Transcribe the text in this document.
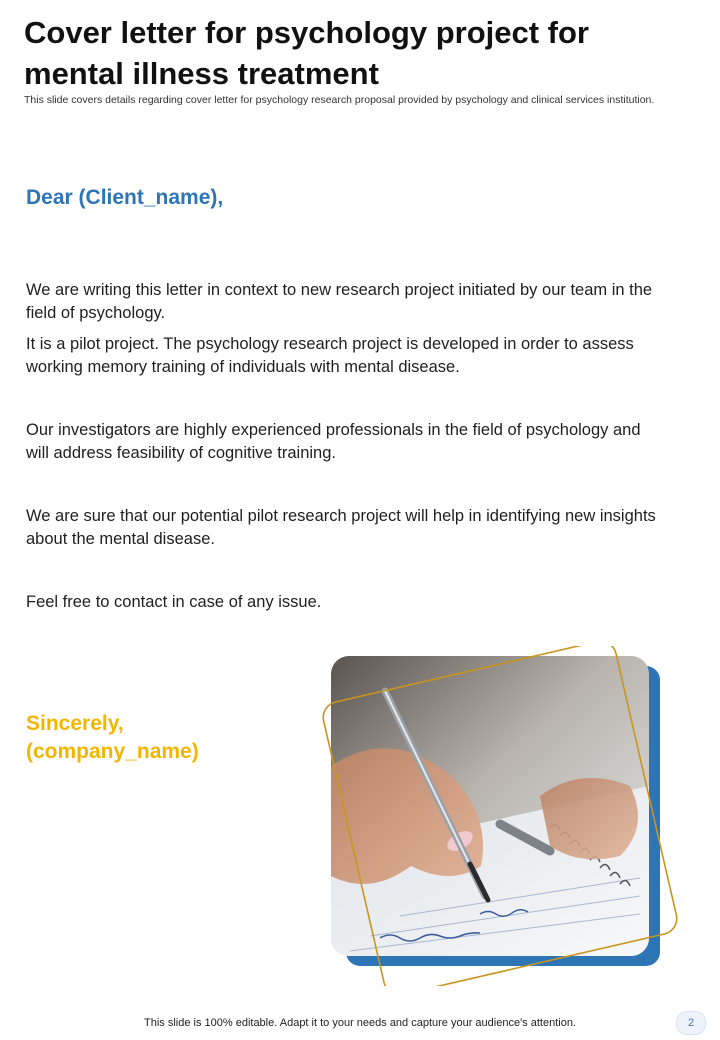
Cover letter for psychology project for mental illness treatment

This slide covers details regarding cover letter for psychology research proposal provided by psychology and clinical services institution.

Dear (Client_name),

We are writing this letter in context to new research project initiated by our team in the field of psychology.

It is a pilot project. The psychology research project is developed in order to assess working memory training of individuals with mental disease.

Our investigators are highly experienced professionals in the field of psychology and will address feasibility of cognitive training.

We are sure that our potential pilot research project will help in identifying new insights about the mental disease.

Feel free to contact in case of any issue.

Sincerely,
(company_name)

This slide is 100% editable. Adapt it to your needs and capture your audience's attention.	2
